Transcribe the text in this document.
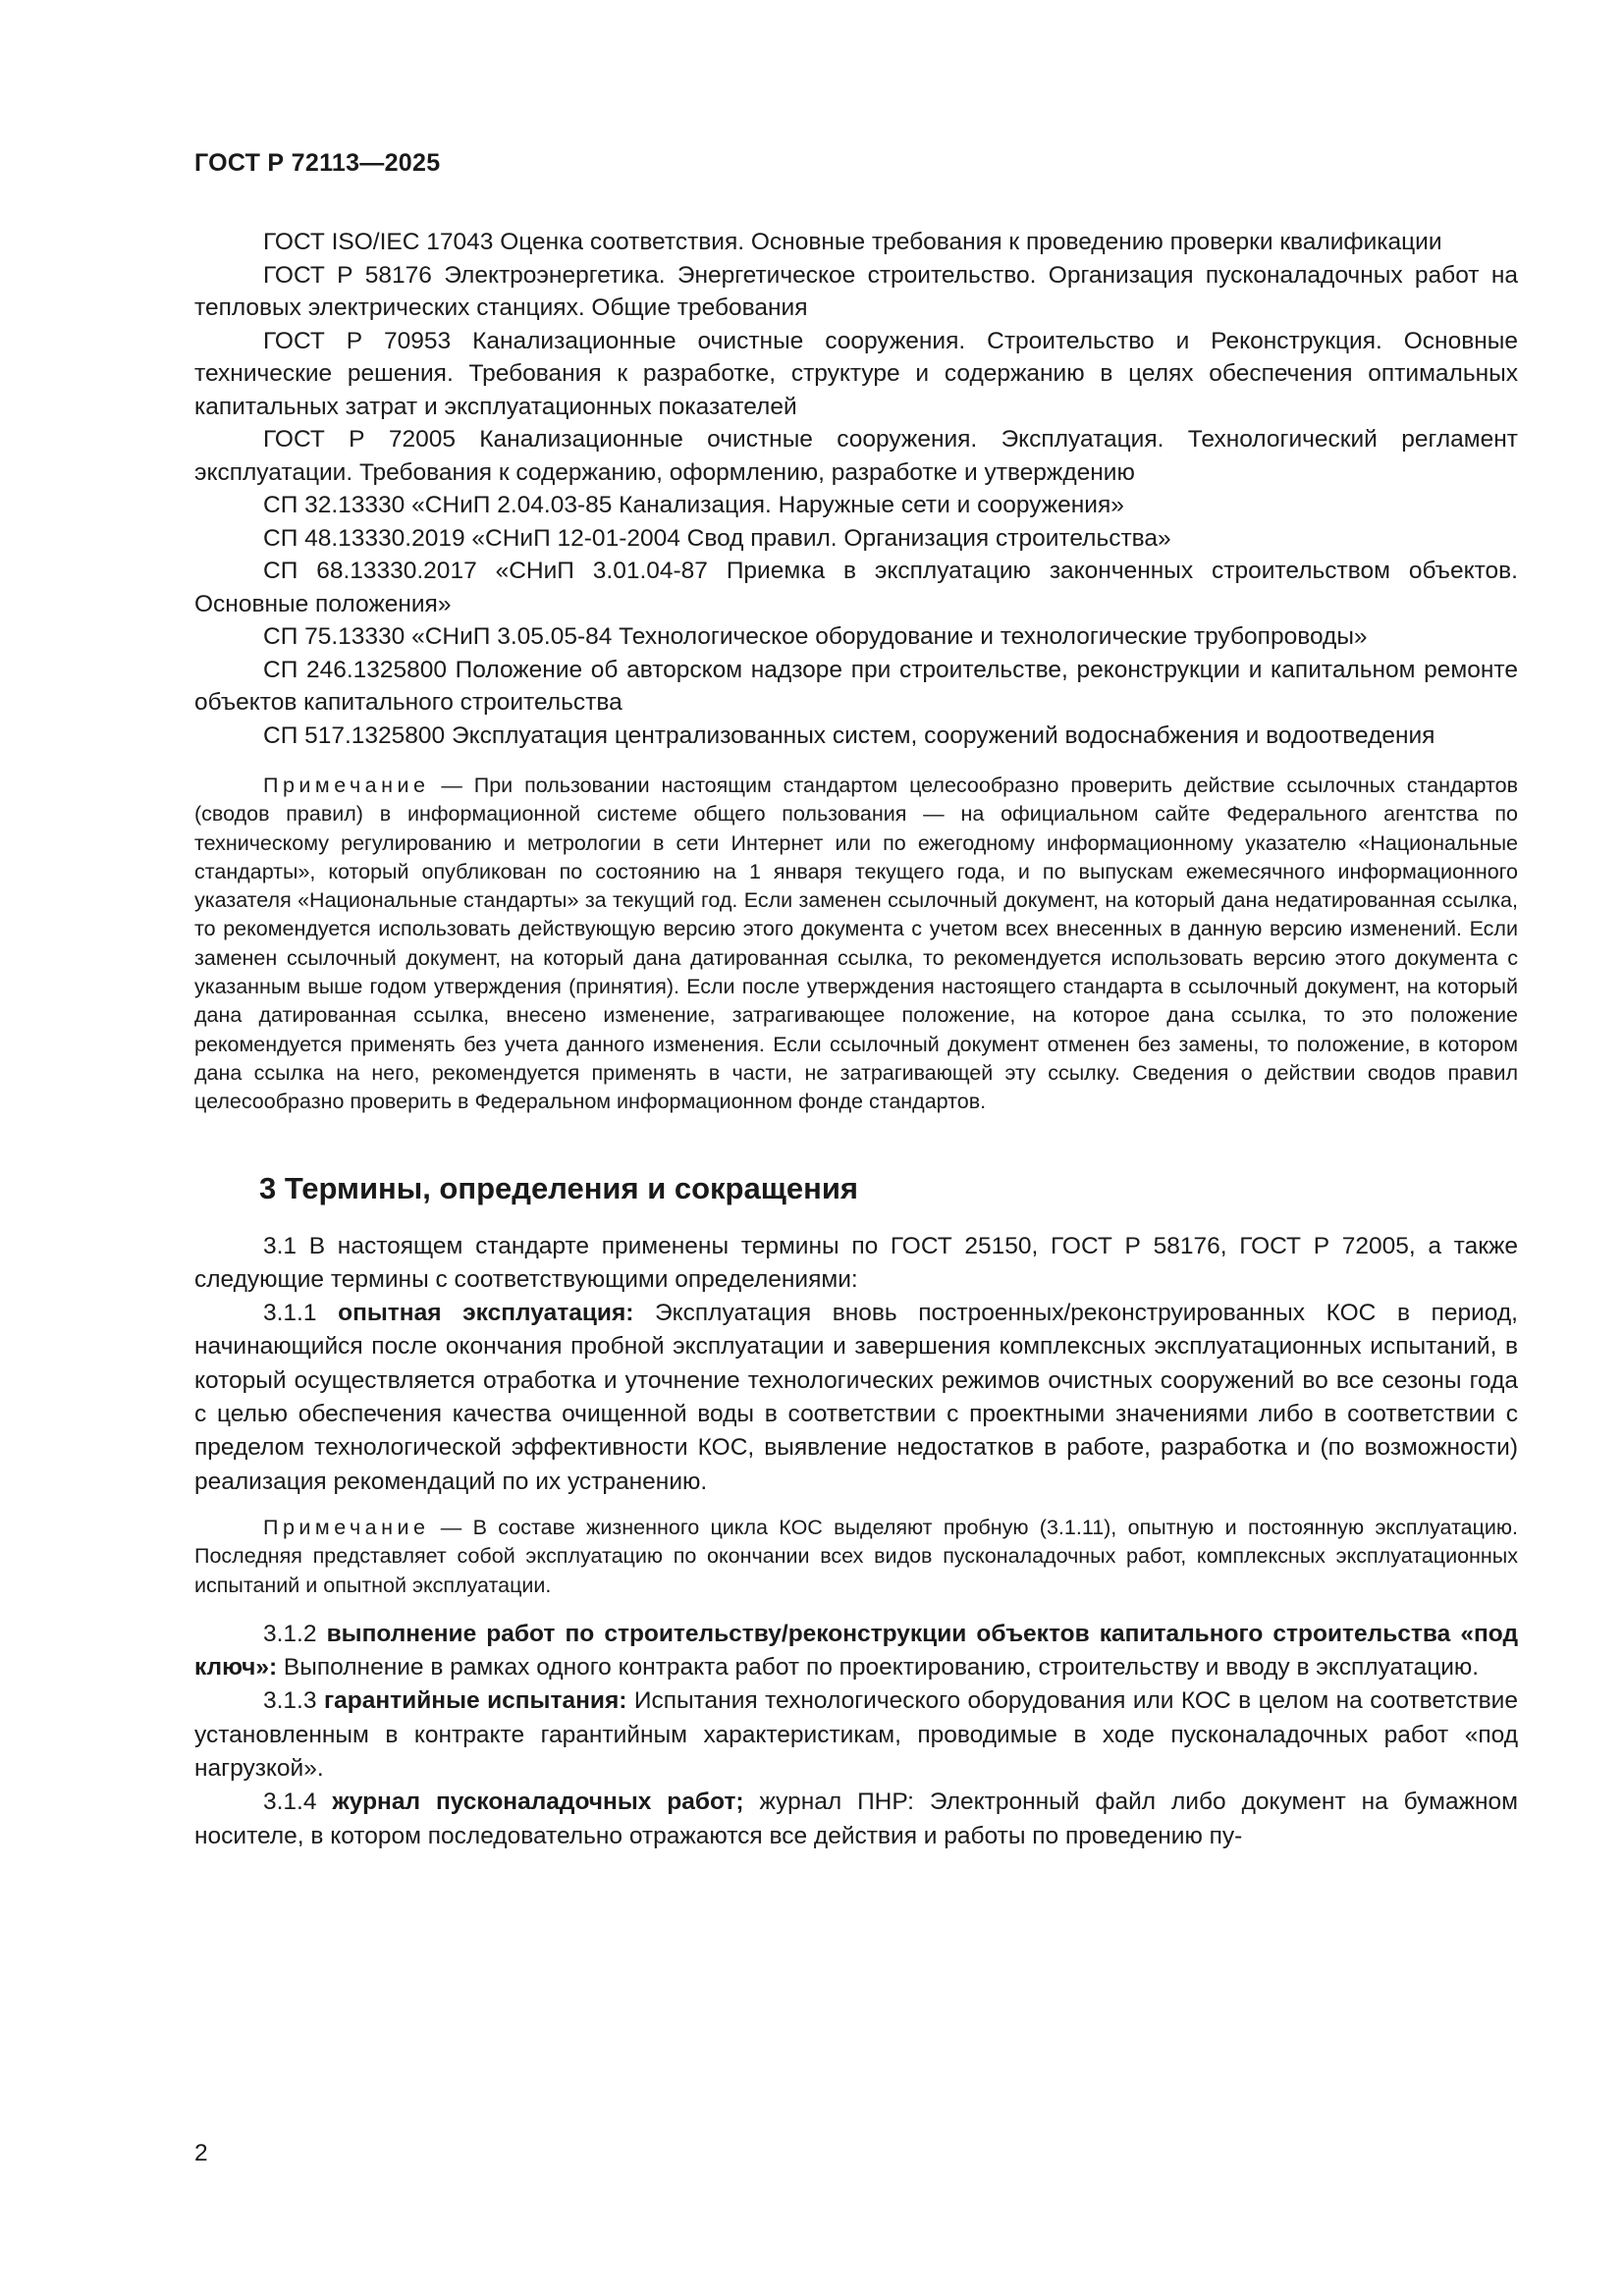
ГОСТ Р 72113—2025

ГОСТ ISO/IEC 17043 Оценка соответствия. Основные требования к проведению проверки квалификации

ГОСТ Р 58176 Электроэнергетика. Энергетическое строительство. Организация пусконаладочных работ на тепловых электрических станциях. Общие требования

ГОСТ Р 70953 Канализационные очистные сооружения. Строительство и Реконструкция. Основные технические решения. Требования к разработке, структуре и содержанию в целях обеспечения оптимальных капитальных затрат и эксплуатационных показателей

ГОСТ Р 72005 Канализационные очистные сооружения. Эксплуатация. Технологический регламент эксплуатации. Требования к содержанию, оформлению, разработке и утверждению

СП 32.13330 «СНиП 2.04.03-85 Канализация. Наружные сети и сооружения»

СП 48.13330.2019 «СНиП 12-01-2004 Свод правил. Организация строительства»

СП 68.13330.2017 «СНиП 3.01.04-87 Приемка в эксплуатацию законченных строительством объектов. Основные положения»

СП 75.13330 «СНиП 3.05.05-84 Технологическое оборудование и технологические трубопроводы»

СП 246.1325800 Положение об авторском надзоре при строительстве, реконструкции и капитальном ремонте объектов капитального строительства

СП 517.1325800 Эксплуатация централизованных систем, сооружений водоснабжения и водоотведения

Примечание — При пользовании настоящим стандартом целесообразно проверить действие ссылочных стандартов (сводов правил) в информационной системе общего пользования — на официальном сайте Федерального агентства по техническому регулированию и метрологии в сети Интернет или по ежегодному информационному указателю «Национальные стандарты», который опубликован по состоянию на 1 января текущего года, и по выпускам ежемесячного информационного указателя «Национальные стандарты» за текущий год. Если заменен ссылочный документ, на который дана недатированная ссылка, то рекомендуется использовать действующую версию этого документа с учетом всех внесенных в данную версию изменений. Если заменен ссылочный документ, на который дана датированная ссылка, то рекомендуется использовать версию этого документа с указанным выше годом утверждения (принятия). Если после утверждения настоящего стандарта в ссылочный документ, на который дана датированная ссылка, внесено изменение, затрагивающее положение, на которое дана ссылка, то это положение рекомендуется применять без учета данного изменения. Если ссылочный документ отменен без замены, то положение, в котором дана ссылка на него, рекомендуется применять в части, не затрагивающей эту ссылку. Сведения о действии сводов правил целесообразно проверить в Федеральном информационном фонде стандартов.

3 Термины, определения и сокращения

3.1 В настоящем стандарте применены термины по ГОСТ 25150, ГОСТ Р 58176, ГОСТ Р 72005, а также следующие термины с соответствующими определениями:

3.1.1 опытная эксплуатация: Эксплуатация вновь построенных/реконструированных КОС в период, начинающийся после окончания пробной эксплуатации и завершения комплексных эксплуатационных испытаний, в который осуществляется отработка и уточнение технологических режимов очистных сооружений во все сезоны года с целью обеспечения качества очищенной воды в соответствии с проектными значениями либо в соответствии с пределом технологической эффективности КОС, выявление недостатков в работе, разработка и (по возможности) реализация рекомендаций по их устранению.

Примечание — В составе жизненного цикла КОС выделяют пробную (3.1.11), опытную и постоянную эксплуатацию. Последняя представляет собой эксплуатацию по окончании всех видов пусконаладочных работ, комплексных эксплуатационных испытаний и опытной эксплуатации.

3.1.2 выполнение работ по строительству/реконструкции объектов капитального строительства «под ключ»: Выполнение в рамках одного контракта работ по проектированию, строительству и вводу в эксплуатацию.

3.1.3 гарантийные испытания: Испытания технологического оборудования или КОС в целом на соответствие установленным в контракте гарантийным характеристикам, проводимые в ходе пусконаладочных работ «под нагрузкой».

3.1.4 журнал пусконаладочных работ; журнал ПНР: Электронный файл либо документ на бумажном носителе, в котором последовательно отражаются все действия и работы по проведению пу-

2
